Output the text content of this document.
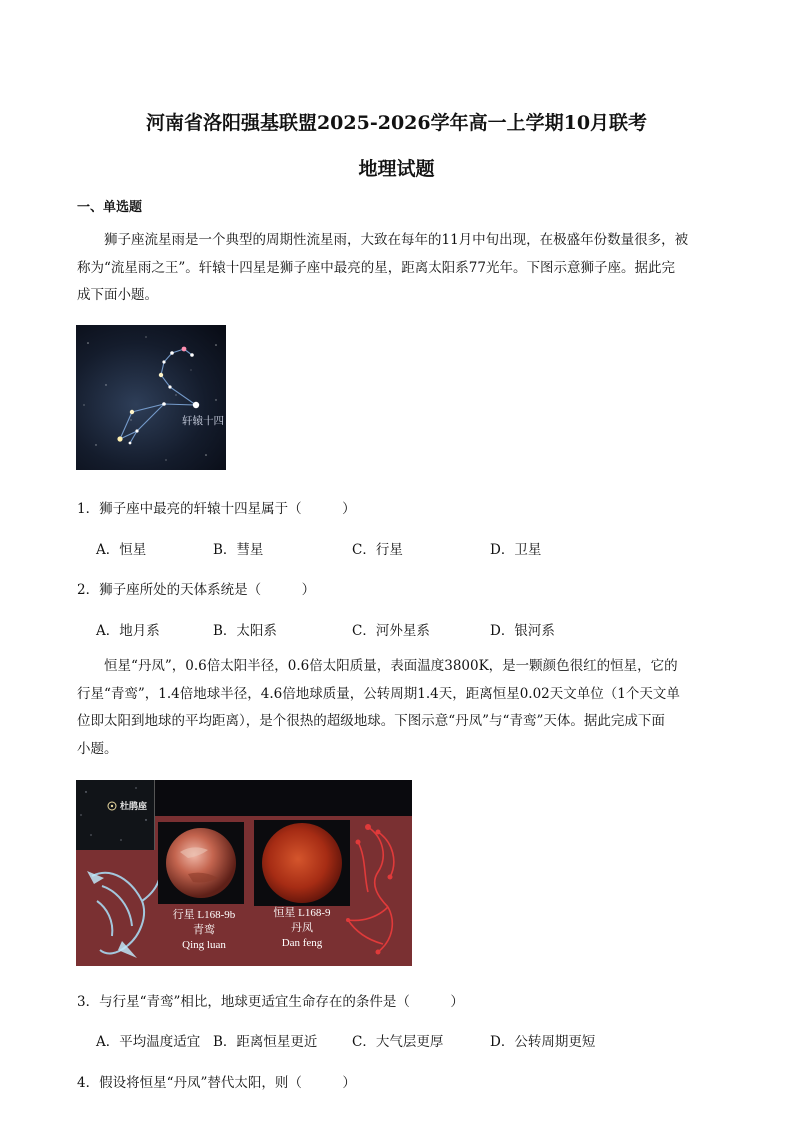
河南省洛阳强基联盟2025-2026学年高一上学期10月联考
地理试题
一、单选题
狮子座流星雨是一个典型的周期性流星雨，大致在每年的11月中旬出现，在极盛年份数量很多，被
称为“流星雨之王”。轩辕十四星是狮子座中最亮的星，距离太阳系77光年。下图示意狮子座。据此完
成下面小题。
轩辕十四
1．狮子座中最亮的轩辕十四星属于（　　　）
A．恒星	B．彗星	C．行星	D．卫星
2．狮子座所处的天体系统是（　　　）
A．地月系	B．太阳系	C．河外星系	D．银河系
恒星“丹凤”，0.6倍太阳半径，0.6倍太阳质量，表面温度3800K，是一颗颜色很红的恒星，它的
行星“青鸾”，1.4倍地球半径，4.6倍地球质量，公转周期1.4天，距离恒星0.02天文单位（1个天文单
位即太阳到地球的平均距离），是个很热的超级地球。下图示意“丹凤”与“青鸾”天体。据此完成下面
小题。
杜鹃座
行星 L168-9b
青鸾
Qing luan
恒星 L168-9
丹凤
Dan feng
3．与行星“青鸾”相比，地球更适宜生命存在的条件是（　　　）
A．平均温度适宜 B．距离恒星更近	C．大气层更厚	D．公转周期更短
4．假设将恒星“丹凤”替代太阳，则（　　　）
